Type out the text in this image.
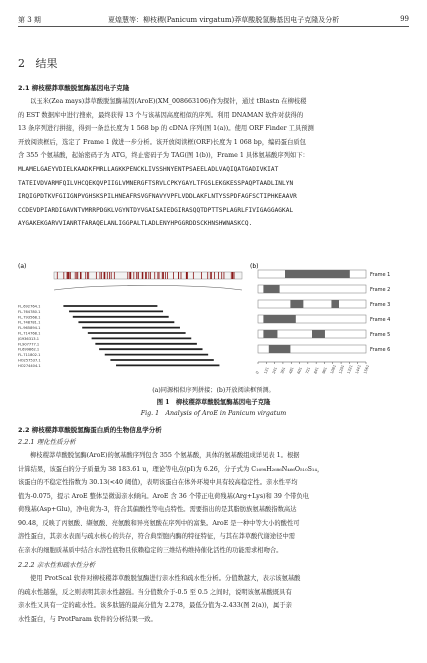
第 3 期	夏煌慧等：柳枝稷(Panicum virgatum)莽草酸脱氢酶基因电子克隆及分析	99
2 结果
2.1 柳枝稷莽草酸脱氢酶基因电子克隆
以玉米(Zea mays)莽草酸脱氢酶基因(AroE)(XM_008663106)作为探针，通过 tBlastn 在柳枝稷
的 EST 数据库中进行搜索，最终获得 13 个与该基因高度相似的序列。利用 DNAMAN 软件对获得的
13 条序列进行拼接，得到一条总长度为 1 568 bp 的 cDNA 序列(图 1(a))。使用 ORF Finder 工具预测
开放阅读框后，选定了 Frame 1 做进一步分析。该开放阅读框(ORF)长度为 1 068 bp，编码蛋白质包
含 355 个氨基酸，起始密码子为 ATG，终止密码子为 TAG(图 1(b))，Frame 1 具体氨基酸序列如下：
MLAMELGAEYVDIELKAADKFMRLLAGKKPENCKLIVSSHNYENTPSAEELADLVAQIQATGADIVKIAT
TATEIVDVARMFQILVHCQEKQVPIIGLVMNERGFTSRVLCPKYGAYLTFGSLEKGKESSPAQPTAADLINLYN
IRQIGPDTKVFGIIGNPVGHSKSPILHNEAFRSVGFNAVYVPFLVDDLAKFLNTYSSPDFAGFSCTIPHKEAAVR
CCDEVDPIARDIGAVNTVMRRPDGKLVGYNTDYVGAISAIEDGIRASQQTDPTTSPLAGRLFIVIGAGGAGKAL
AYGAKEKGARVVIANRTFARAQELANLIGGPALTLADLENYHPGGRDDSCKHNSHWNASKCQ.
(a)	(b)
FL.692764.1
FL.764780.1
FL.793568.1
FL.748781.1
FL.965894.1
FL.714768.1
JG936313.1
FL907777.1
FL699862.1
FL.711802.1
HO257537.1
HO274404.1
Frame 1
Frame 2
Frame 3
Frame 4
Frame 5
Frame 6
0 121 241 361 481 601 721 841 961 1081 1201 1321 1441 1561
(a)同源相似序列拼接；(b)开放阅读框预测。
图 1　柳枝稷莽草酸脱氢酶基因电子克隆
Fig. 1　Analysis of AroE in Panicum virgatum
2.2 柳枝稷莽草酸脱氢酶蛋白质的生物信息学分析
2.2.1 理化性质分析
柳枝稷莽草酸脱氢酶(AroE)的氨基酸序列包含 355 个氨基酸，具体的氨基酸组成详见表 1。根据
计算结果，该蛋白的分子质量为 38 183.61 u，理论等电点(pI)为 6.26，分子式为 C₁₆₉₈H₂₆₈₆N₄₆₆O₅₁₀S₁₄，
该蛋白的不稳定性指数为 30.13(<40 阈值)，表明该蛋白在体外环境中具有较高稳定性。亲水性平均
值为-0.075，提示 AroE 整体呈微弱亲水倾向。AroE 含 36 个带正电荷残基(Arg+Lys)和 39 个带负电
荷残基(Asp+Glu)，净电荷为-3，符合其偏酸性等电点特性。需要指出的是其脂肪族氨基酸指数高达
90.48，反映了丙氨酸、缬氨酸、亮氨酸和异亮氨酸在序列中的富集。AroE 是一种中等大小的酸性可
溶性蛋白，其亲水表面与疏水核心的共存，符合典型胞内酶的特征特征，与其在莽草酸代谢途径中需
在亲水的细胞质基质中结合水溶性底物且依赖稳定的三维结构维持催化活性的功能需求相吻合。
2.2.2 亲水性和疏水性分析
使用 ProtScal 软件对柳枝稷莽草酸脱氢酶进行亲水性和疏水性分析。分值数越大，表示该氨基酸
的疏水性越强，反之则表明其亲水性越强。当分值数介于-0.5 至 0.5 之间时，说明该氨基酸既具有
亲水性又具有一定的疏水性。该多肽链的最高分值为 2.278，最低分值为-2.433(图 2(a))，属于亲
水性蛋白，与 ProtParam 软件的分析结果一致。
